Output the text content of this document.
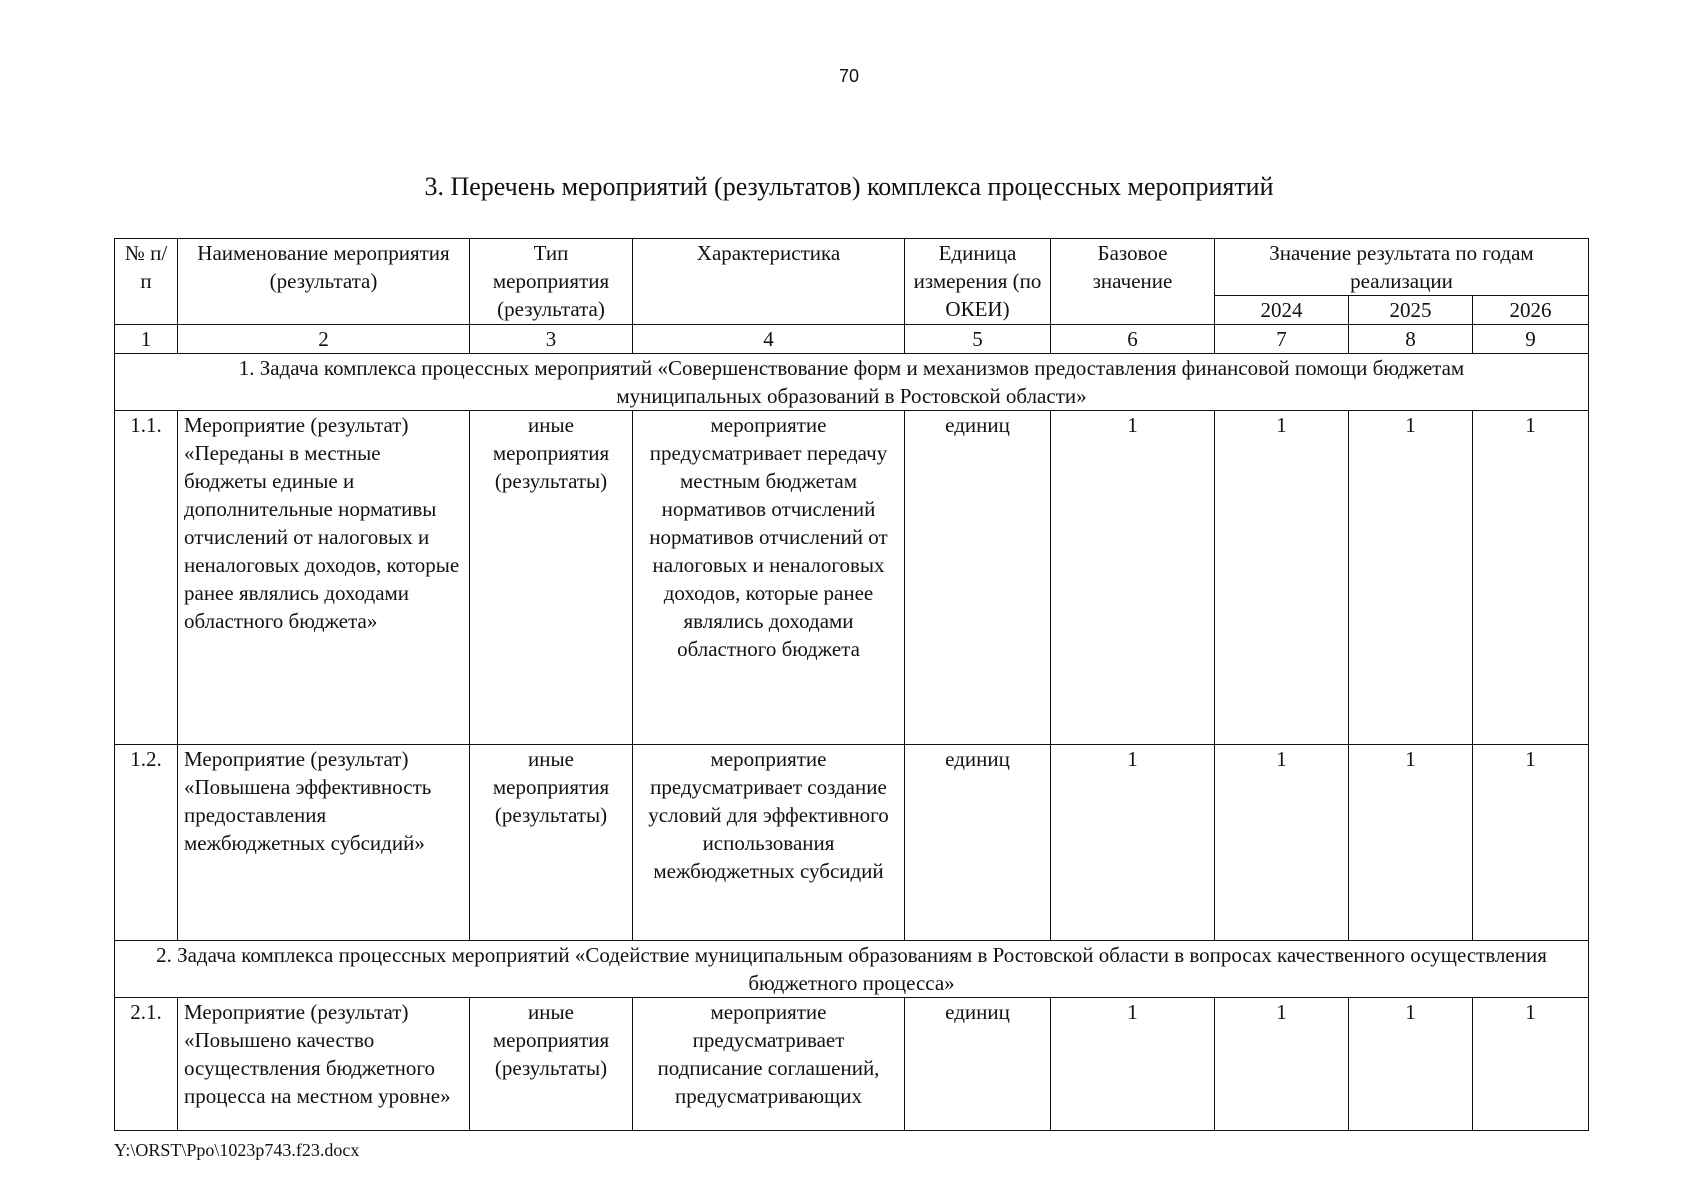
70
3. Перечень мероприятий (результатов) комплекса процессных мероприятий
№ п/п	Наименование мероприятия (результата)	Тип мероприятия (результата)	Характеристика	Единица измерения (по ОКЕИ)	Базовое значение	Значение результата по годам реализации		
						2024	2025	2026
1	2	3	4	5	6	7	8	9
1. Задача комплекса процессных мероприятий «Совершенствование форм и механизмов предоставления финансовой помощи бюджетам муниципальных образований в Ростовской области»								
1.1.	Мероприятие (результат) «Переданы в местные бюджеты единые и дополнительные нормативы отчислений от налоговых и неналоговых доходов, которые ранее являлись доходами областного бюджета»	иные мероприятия (результаты)	мероприятие предусматривает передачу местным бюджетам нормативов отчислений нормативов отчислений от налоговых и неналоговых доходов, которые ранее являлись доходами областного бюджета	единиц	1	1	1	1
1.2.	Мероприятие (результат) «Повышена эффективность предоставления межбюджетных субсидий»	иные мероприятия (результаты)	мероприятие предусматривает создание условий для эффективного использования межбюджетных субсидий	единиц	1	1	1	1
2. Задача комплекса процессных мероприятий «Содействие муниципальным образованиям в Ростовской области в вопросах качественного осуществления бюджетного процесса»								
2.1.	Мероприятие (результат) «Повышено качество осуществления бюджетного процесса на местном уровне»	иные мероприятия (результаты)	мероприятие предусматривает подписание соглашений, предусматривающих	единиц	1	1	1	1
Y:\ORST\Ppo\1023p743.f23.docx
